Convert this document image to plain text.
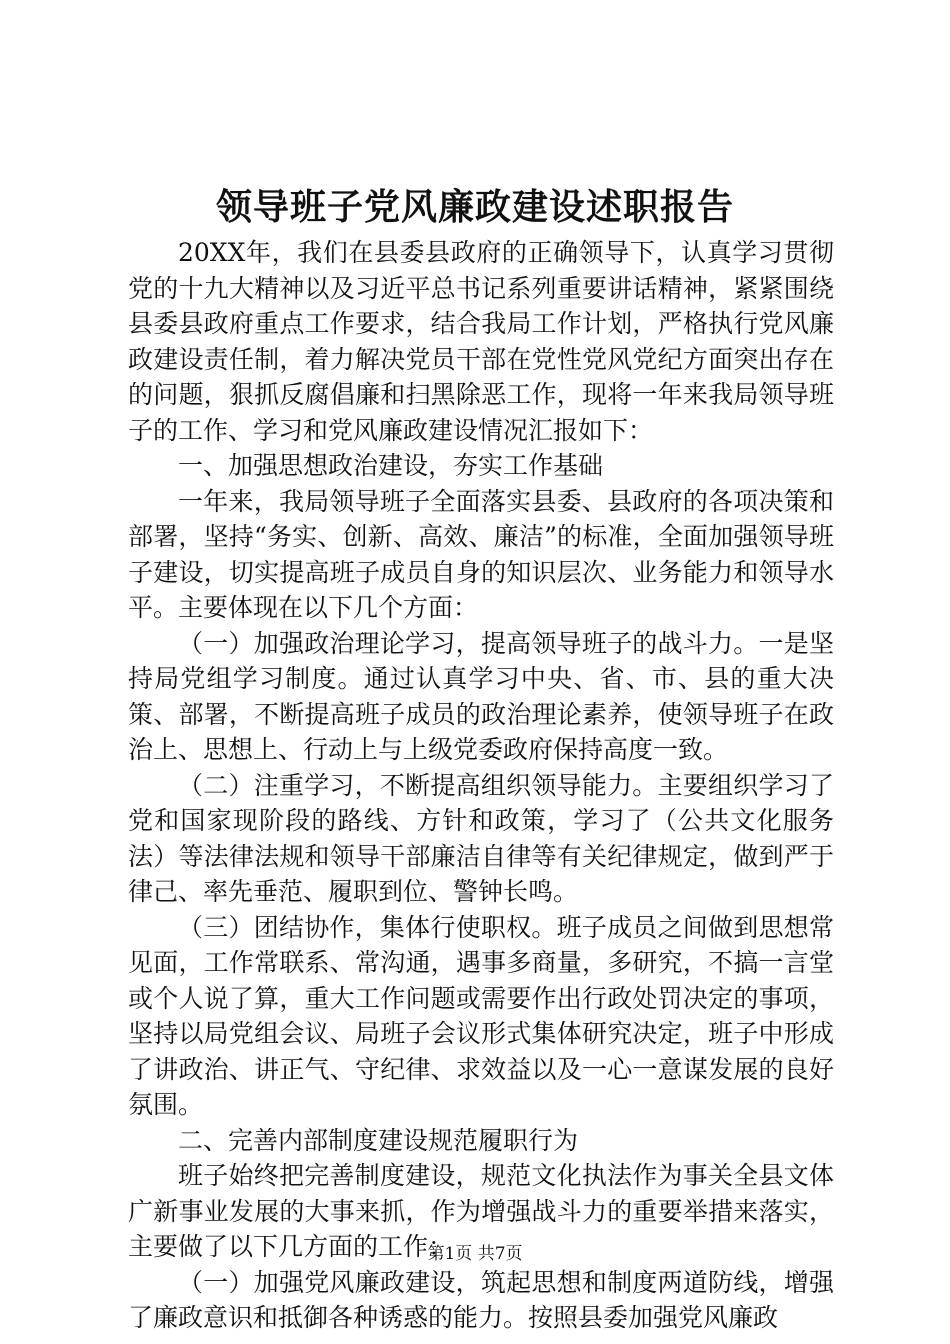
领导班子党风廉政建设述职报告

20XX年，我们在县委县政府的正确领导下，认真学习贯彻党的十九大精神以及习近平总书记系列重要讲话精神，紧紧围绕县委县政府重点工作要求，结合我局工作计划，严格执行党风廉政建设责任制，着力解决党员干部在党性党风党纪方面突出存在的问题，狠抓反腐倡廉和扫黑除恶工作，现将一年来我局领导班子的工作、学习和党风廉政建设情况汇报如下：

一、加强思想政治建设，夯实工作基础

一年来，我局领导班子全面落实县委、县政府的各项决策和部署，坚持“务实、创新、高效、廉洁”的标准，全面加强领导班子建设，切实提高班子成员自身的知识层次、业务能力和领导水平。主要体现在以下几个方面：

（一）加强政治理论学习，提高领导班子的战斗力。一是坚持局党组学习制度。通过认真学习中央、省、市、县的重大决策、部署，不断提高班子成员的政治理论素养，使领导班子在政治上、思想上、行动上与上级党委政府保持高度一致。

（二）注重学习，不断提高组织领导能力。主要组织学习了党和国家现阶段的路线、方针和政策，学习了（公共文化服务法）等法律法规和领导干部廉洁自律等有关纪律规定，做到严于律己、率先垂范、履职到位、警钟长鸣。

（三）团结协作，集体行使职权。班子成员之间做到思想常见面，工作常联系、常沟通，遇事多商量，多研究，不搞一言堂或个人说了算，重大工作问题或需要作出行政处罚决定的事项，坚持以局党组会议、局班子会议形式集体研究决定，班子中形成了讲政治、讲正气、守纪律、求效益以及一心一意谋发展的良好氛围。

二、完善内部制度建设规范履职行为

班子始终把完善制度建设，规范文化执法作为事关全县文体广新事业发展的大事来抓，作为增强战斗力的重要举措来落实，主要做了以下几方面的工作：

（一）加强党风廉政建设，筑起思想和制度两道防线，增强了廉政意识和抵御各种诱惑的能力。按照县委加强党风廉政

第1页 共7页
